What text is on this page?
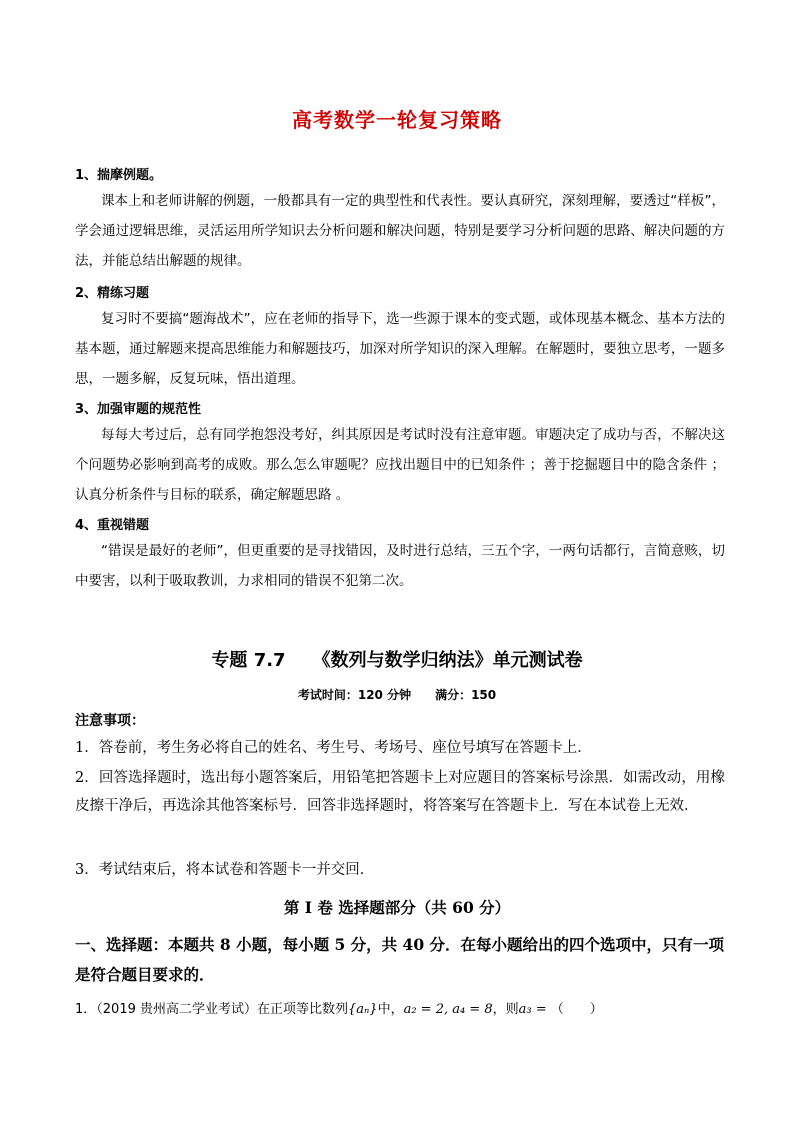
高考数学一轮复习策略
1、揣摩例题。
课本上和老师讲解的例题，一般都具有一定的典型性和代表性。要认真研究，深刻理解，要透过“样板”，学会通过逻辑思维，灵活运用所学知识去分析问题和解决问题，特别是要学习分析问题的思路、解决问题的方法，并能总结出解题的规律。
2、精练习题
复习时不要搞“题海战术”，应在老师的指导下，选一些源于课本的变式题，或体现基本概念、基本方法的基本题，通过解题来提高思维能力和解题技巧，加深对所学知识的深入理解。在解题时，要独立思考，一题多思，一题多解，反复玩味，悟出道理。
3、加强审题的规范性
每每大考过后，总有同学抱怨没考好，纠其原因是考试时没有注意审题。审题决定了成功与否，不解决这个问题势必影响到高考的成败。那么怎么审题呢？应找出题目中的已知条件 ；善于挖掘题目中的隐含条件 ；认真分析条件与目标的联系，确定解题思路 。
4、重视错题
“错误是最好的老师”，但更重要的是寻找错因，及时进行总结，三五个字，一两句话都行，言简意赅，切中要害，以利于吸取教训，力求相同的错误不犯第二次。
专题 7.7　　《数列与数学归纳法》单元测试卷
考试时间：120 分钟　　满分：150
注意事项：
1．答卷前，考生务必将自己的姓名、考生号、考场号、座位号填写在答题卡上．
2．回答选择题时，选出每小题答案后，用铅笔把答题卡上对应题目的答案标号涂黑．如需改动，用橡皮擦干净后，再选涂其他答案标号．回答非选择题时，将答案写在答题卡上．写在本试卷上无效．
3．考试结束后，将本试卷和答题卡一并交回．
第 I 卷 选择题部分（共 60 分）
一、选择题：本题共 8 小题，每小题 5 分，共 40 分．在每小题给出的四个选项中，只有一项是符合题目要求的．
1．（2019 贵州高二学业考试）在正项等比数列{aₙ}中，a₂ = 2, a₄ = 8，则a₃ = （　　）
